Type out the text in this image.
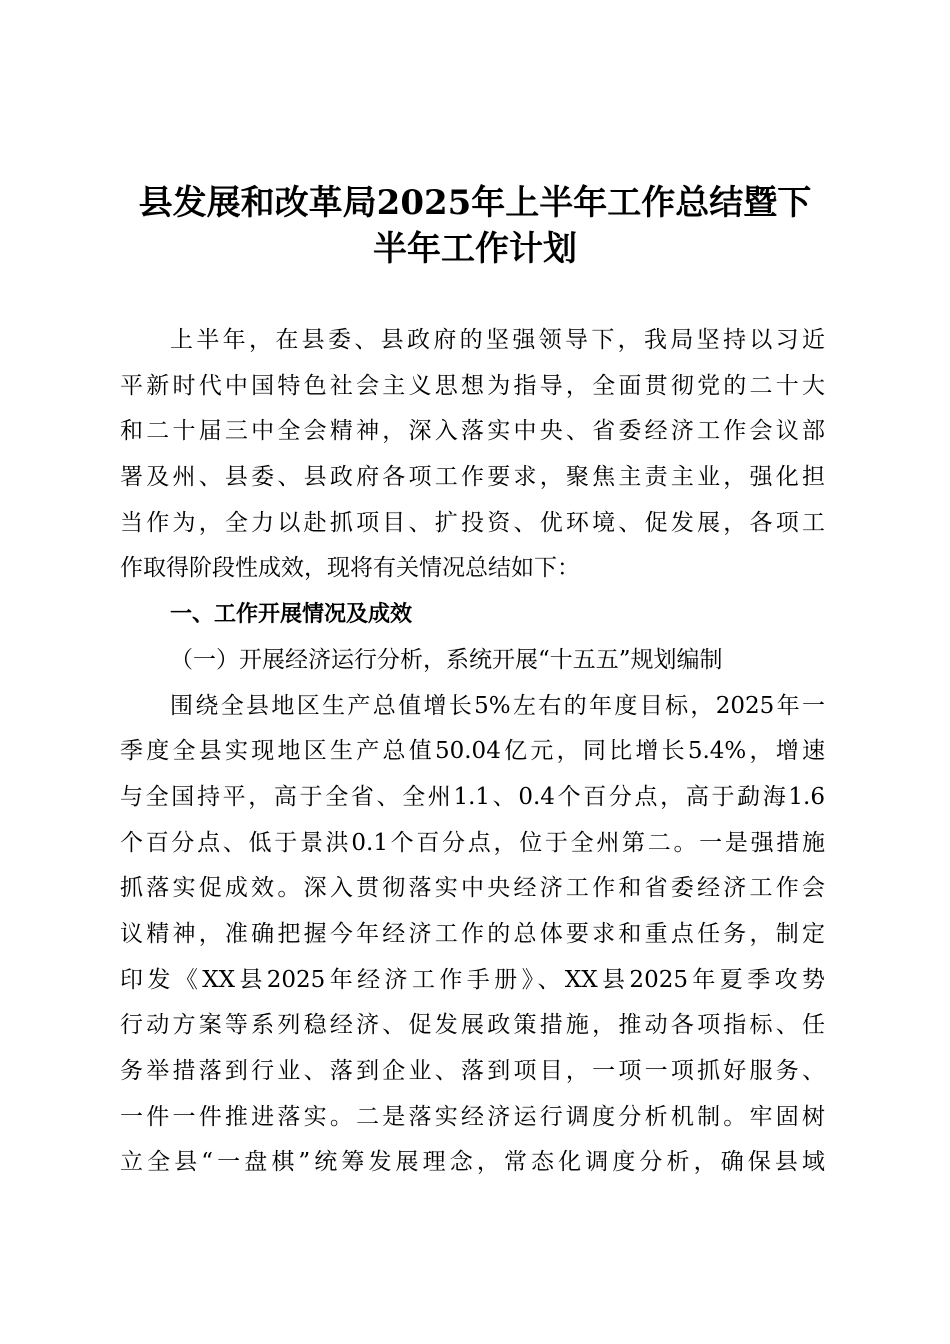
县发展和改革局2025年上半年工作总结暨下
半年工作计划
上半年，在县委、县政府的坚强领导下，我局坚持以习近
平新时代中国特色社会主义思想为指导，全面贯彻党的二十大
和二十届三中全会精神，深入落实中央、省委经济工作会议部
署及州、县委、县政府各项工作要求，聚焦主责主业，强化担
当作为，全力以赴抓项目、扩投资、优环境、促发展，各项工
作取得阶段性成效，现将有关情况总结如下：
一、工作开展情况及成效
（一）开展经济运行分析，系统开展“十五五”规划编制
围绕全县地区生产总值增长5%左右的年度目标，2025年一
季度全县实现地区生产总值50.04亿元，同比增长5.4%，增速
与全国持平，高于全省、全州1.1、0.4个百分点，高于勐海1.6
个百分点、低于景洪0.1个百分点，位于全州第二。一是强措施
抓落实促成效。深入贯彻落实中央经济工作和省委经济工作会
议精神，准确把握今年经济工作的总体要求和重点任务，制定
印发《XX县2025年经济工作手册》、XX县2025年夏季攻势
行动方案等系列稳经济、促发展政策措施，推动各项指标、任
务举措落到行业、落到企业、落到项目，一项一项抓好服务、
一件一件推进落实。二是落实经济运行调度分析机制。牢固树
立全县“一盘棋”统筹发展理念，常态化调度分析，确保县域
